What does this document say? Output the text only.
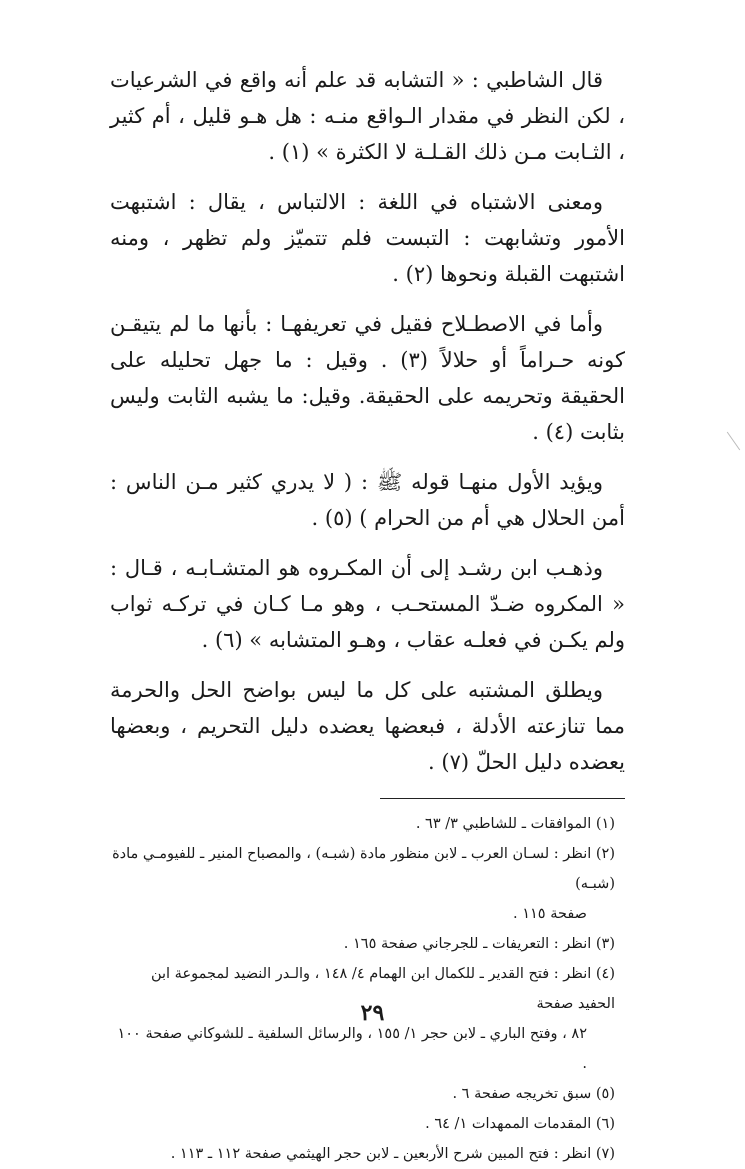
قال الشاطبي : « التشابه قد علم أنه واقع في الشرعيات ، لكن النظر في مقدار الـواقع منـه : هل هـو قليل ، أم كثير ، الثـابت مـن ذلك القـلـة لا الكثرة » (١) .

ومعنى الاشتباه في اللغة : الالتباس ، يقال : اشتبهت الأمور وتشابهت : التبست فلم تتميّز ولم تظهر ، ومنه اشتبهت القبلة ونحوها (٢) .

وأما في الاصطـلاح فقيل في تعريفهـا : بأنها ما لم يتيقـن كونه حـراماً أو حلالاً (٣) . وقيل : ما جهل تحليله على الحقيقة وتحريمه على الحقيقة. وقيل: ما يشبه الثابت وليس بثابت (٤) .

ويؤيد الأول منهـا قوله ﷺ : ( لا يدري كثير مـن الناس : أمن الحلال هي أم من الحرام ) (٥) .

وذهـب ابن رشـد إلى أن المكـروه هو المتشـابـه ، قـال : « المكروه ضـدّ المستحـب ، وهو مـا كـان في تركـه ثواب ولم يكـن في فعلـه عقاب ، وهـو المتشابه » (٦) .

ويطلق المشتبه على كل ما ليس بواضح الحل والحرمة مما تنازعته الأدلة ، فبعضها يعضده دليل التحريم ، وبعضها يعضده دليل الحلّ (٧) .

(١) الموافقات ـ للشاطبي ٣/ ٦٣ .

(٢) انظر : لسـان العرب ـ لابن منظور مادة (شبـه) ، والمصباح المنير ـ للفيومـي مادة (شبـه)
صفحة ١١٥ .

(٣) انظر : التعريفات ـ للجرجاني صفحة ١٦٥ .

(٤) انظر : فتح القدير ـ للكمال ابن الهمام ٤/ ١٤٨ ، والـدر النضيد لمجموعة ابن الحفيد صفحة
٨٢ ، وفتح الباري ـ لابن حجر ١/ ١٥٥ ، والرسائل السلفية ـ للشوكاني صفحة ١٠٠ .

(٥) سبق تخريجه صفحة ٦ .

(٦) المقدمات الممهدات ١/ ٦٤ .

(٧) انظر : فتح المبين شرح الأربعين ـ لابن حجر الهيثمي صفحة ١١٢ ـ ١١٣ .

٢٩
